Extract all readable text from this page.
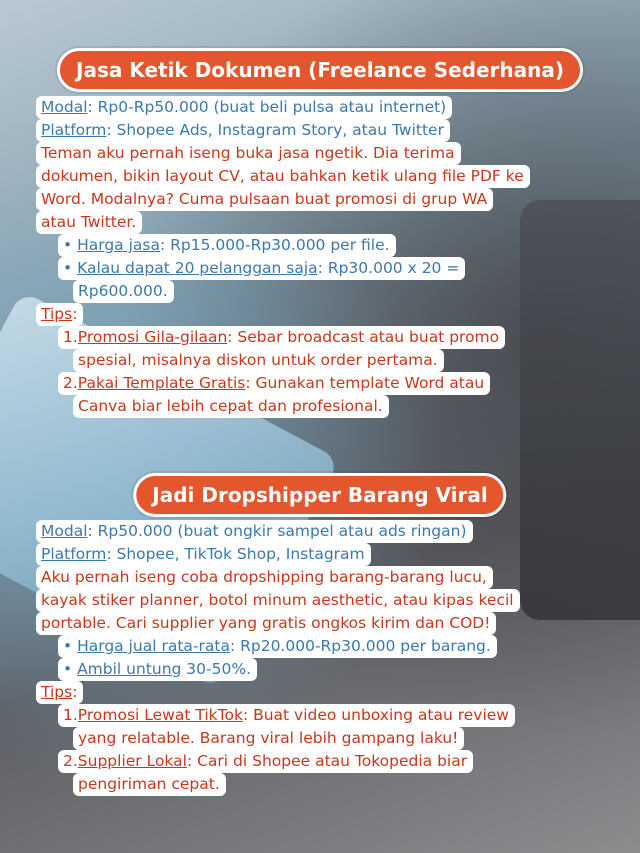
Jasa Ketik Dokumen (Freelance Sederhana)
Modal: Rp0-Rp50.000 (buat beli pulsa atau internet)
Platform: Shopee Ads, Instagram Story, atau Twitter
Teman aku pernah iseng buka jasa ngetik. Dia terima
dokumen, bikin layout CV, atau bahkan ketik ulang file PDF ke
Word. Modalnya? Cuma pulsaan buat promosi di grup WA
atau Twitter.
• Harga jasa: Rp15.000-Rp30.000 per file.
• Kalau dapat 20 pelanggan saja: Rp30.000 x 20 =
Rp600.000.
Tips:
1.Promosi Gila-gilaan: Sebar broadcast atau buat promo
spesial, misalnya diskon untuk order pertama.
2.Pakai Template Gratis: Gunakan template Word atau
Canva biar lebih cepat dan profesional.
Jadi Dropshipper Barang Viral
Modal: Rp50.000 (buat ongkir sampel atau ads ringan)
Platform: Shopee, TikTok Shop, Instagram
Aku pernah iseng coba dropshipping barang-barang lucu,
kayak stiker planner, botol minum aesthetic, atau kipas kecil
portable. Cari supplier yang gratis ongkos kirim dan COD!
• Harga jual rata-rata: Rp20.000-Rp30.000 per barang.
• Ambil untung 30-50%.
Tips:
1.Promosi Lewat TikTok: Buat video unboxing atau review
yang relatable. Barang viral lebih gampang laku!
2.Supplier Lokal: Cari di Shopee atau Tokopedia biar
pengiriman cepat.
